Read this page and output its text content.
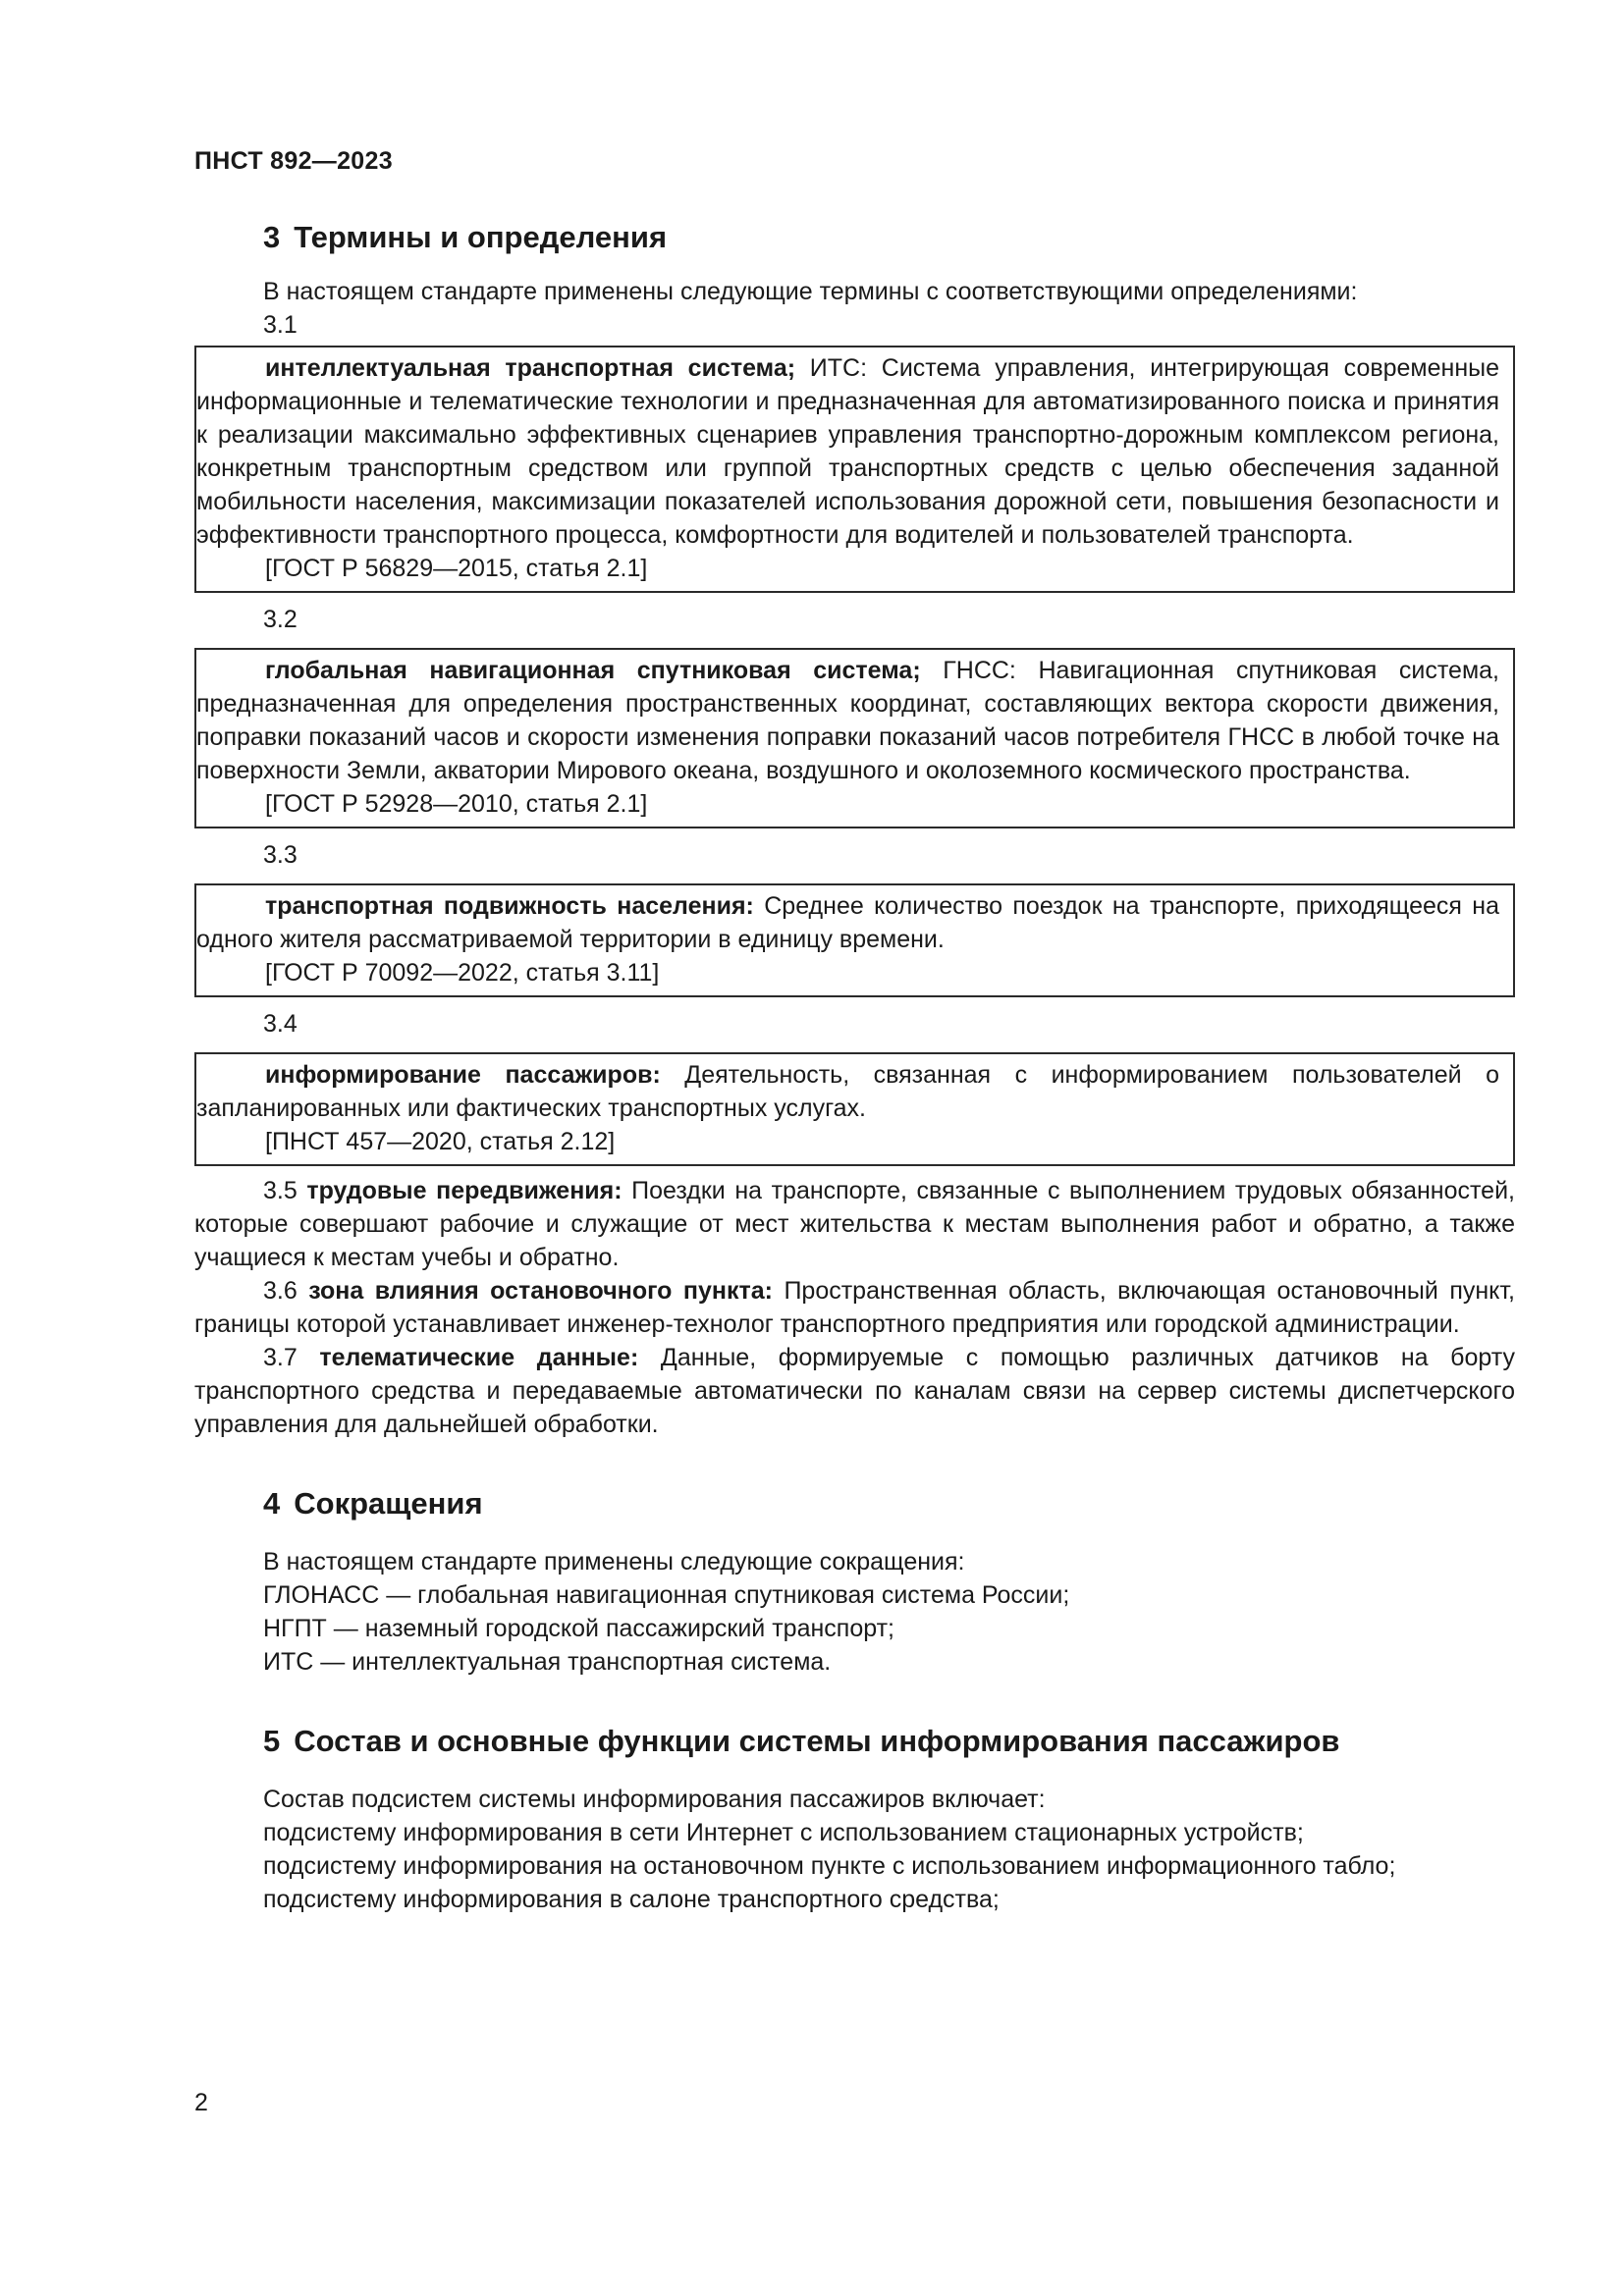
ПНСТ 892—2023
3 Термины и определения

В настоящем стандарте применены следующие термины с соответствующими определениями:

3.1

интеллектуальная транспортная система; ИТС: Система управления, интегрирующая современные информационные и телематические технологии и предназначенная для автоматизированного поиска и принятия к реализации максимально эффективных сценариев управления транспортно-дорожным комплексом региона, конкретным транспортным средством или группой транспортных средств с целью обеспечения заданной мобильности населения, максимизации показателей использования дорожной сети, повышения безопасности и эффективности транспортного процесса, комфортности для водителей и пользователей транспорта.

[ГОСТ Р 56829—2015, статья 2.1]

3.2

глобальная навигационная спутниковая система; ГНСС: Навигационная спутниковая система, предназначенная для определения пространственных координат, составляющих вектора скорости движения, поправки показаний часов и скорости изменения поправки показаний часов потребителя ГНСС в любой точке на поверхности Земли, акватории Мирового океана, воздушного и околоземного космического пространства.

[ГОСТ Р 52928—2010, статья 2.1]

3.3

транспортная подвижность населения: Среднее количество поездок на транспорте, приходящееся на одного жителя рассматриваемой территории в единицу времени.

[ГОСТ Р 70092—2022, статья 3.11]

3.4

информирование пассажиров: Деятельность, связанная с информированием пользователей о запланированных или фактических транспортных услугах.

[ПНСТ 457—2020, статья 2.12]

3.5 трудовые передвижения: Поездки на транспорте, связанные с выполнением трудовых обязанностей, которые совершают рабочие и служащие от мест жительства к местам выполнения работ и обратно, а также учащиеся к местам учебы и обратно.

3.6 зона влияния остановочного пункта: Пространственная область, включающая остановочный пункт, границы которой устанавливает инженер-технолог транспортного предприятия или городской администрации.

3.7 телематические данные: Данные, формируемые с помощью различных датчиков на борту транспортного средства и передаваемые автоматически по каналам связи на сервер системы диспетчерского управления для дальнейшей обработки.

4 Сокращения

В настоящем стандарте применены следующие сокращения:

ГЛОНАСС — глобальная навигационная спутниковая система России;

НГПТ — наземный городской пассажирский транспорт;

ИТС — интеллектуальная транспортная система.

5 Состав и основные функции системы информирования пассажиров

Состав подсистем системы информирования пассажиров включает:

подсистему информирования в сети Интернет с использованием стационарных устройств;

подсистему информирования на остановочном пункте с использованием информационного табло;

подсистему информирования в салоне транспортного средства;

2
